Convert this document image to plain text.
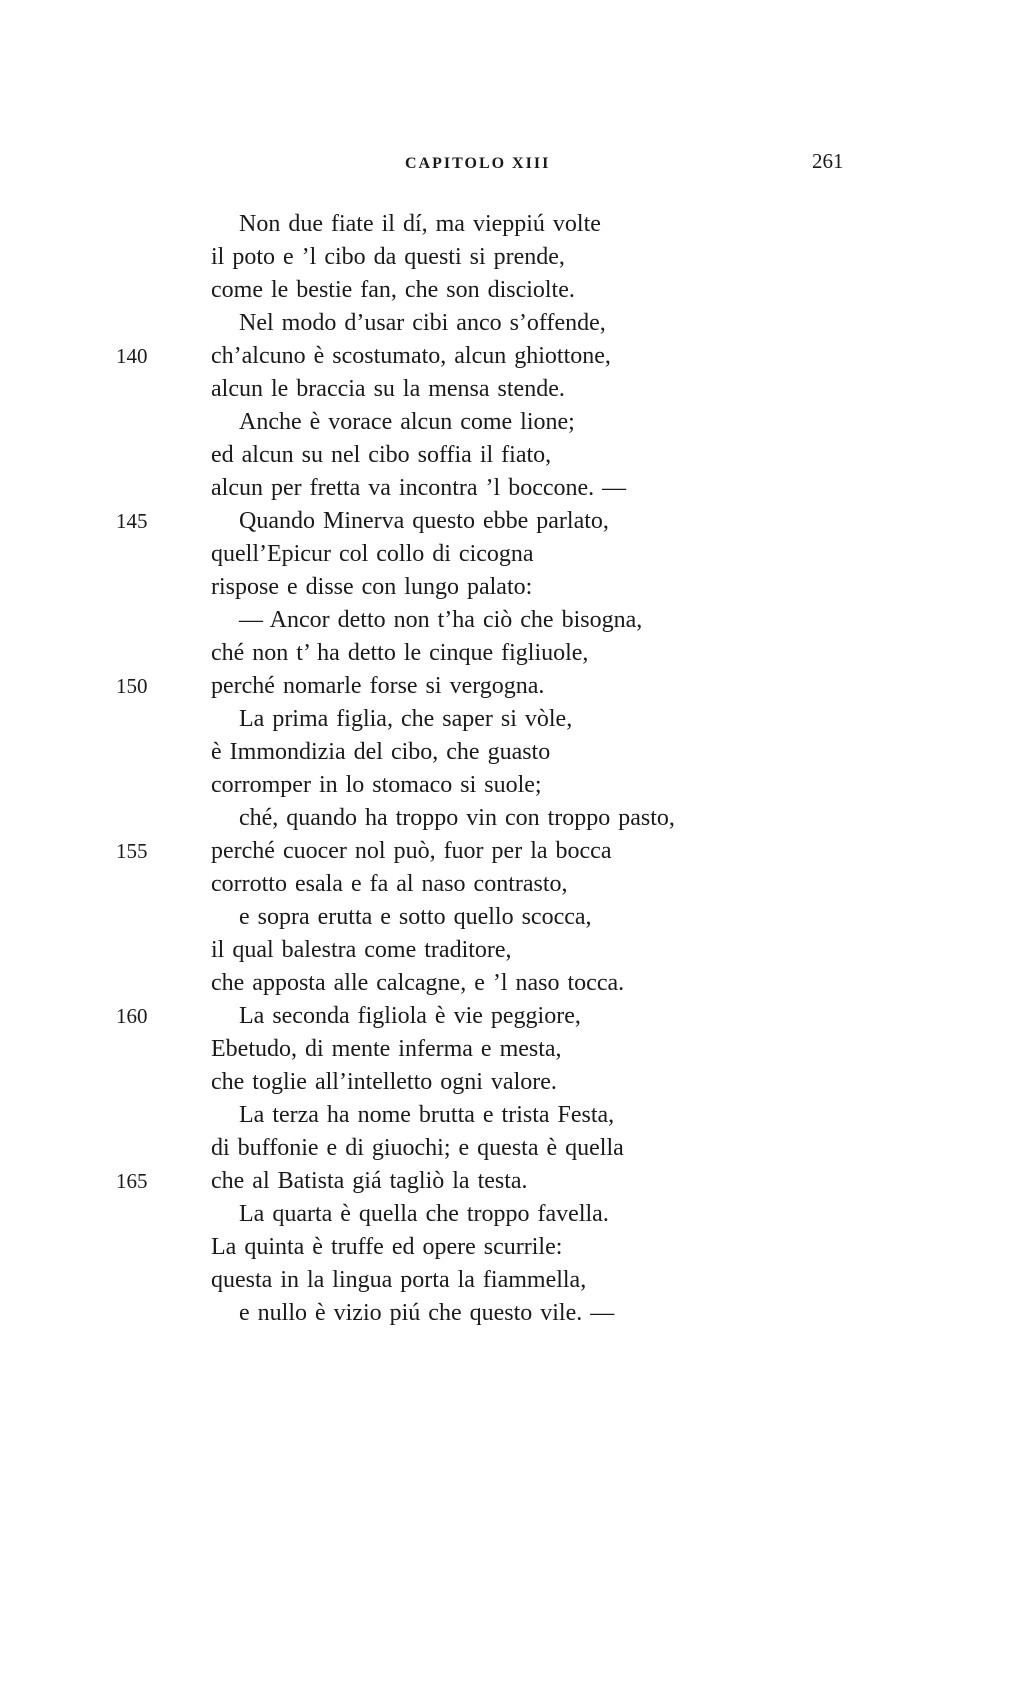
CAPITOLO XIII	261
Non due fiate il dí, ma vieppiú volte
il poto e ’l cibo da questi si prende,
come le bestie fan, che son disciolte.
Nel modo d’usar cibi anco s’offende,
140	ch’alcuno è scostumato, alcun ghiottone,
alcun le braccia su la mensa stende.
Anche è vorace alcun come lione;
ed alcun su nel cibo soffia il fiato,
alcun per fretta va incontra ’l boccone. —
145	Quando Minerva questo ebbe parlato,
quell’Epicur col collo di cicogna
rispose e disse con lungo palato:
— Ancor detto non t’ha ciò che bisogna,
ché non t’ ha detto le cinque figliuole,
150	perché nomarle forse si vergogna.
La prima figlia, che saper si vòle,
è Immondizia del cibo, che guasto
corromper in lo stomaco si suole;
ché, quando ha troppo vin con troppo pasto,
155	perché cuocer nol può, fuor per la bocca
corrotto esala e fa al naso contrasto,
e sopra erutta e sotto quello scocca,
il qual balestra come traditore,
che apposta alle calcagne, e ’l naso tocca.
160	La seconda figliola è vie peggiore,
Ebetudo, di mente inferma e mesta,
che toglie all’intelletto ogni valore.
La terza ha nome brutta e trista Festa,
di buffonie e di giuochi; e questa è quella
165	che al Batista giá tagliò la testa.
La quarta è quella che troppo favella.
La quinta è truffe ed opere scurrile:
questa in la lingua porta la fiammella,
e nullo è vizio piú che questo vile. —
